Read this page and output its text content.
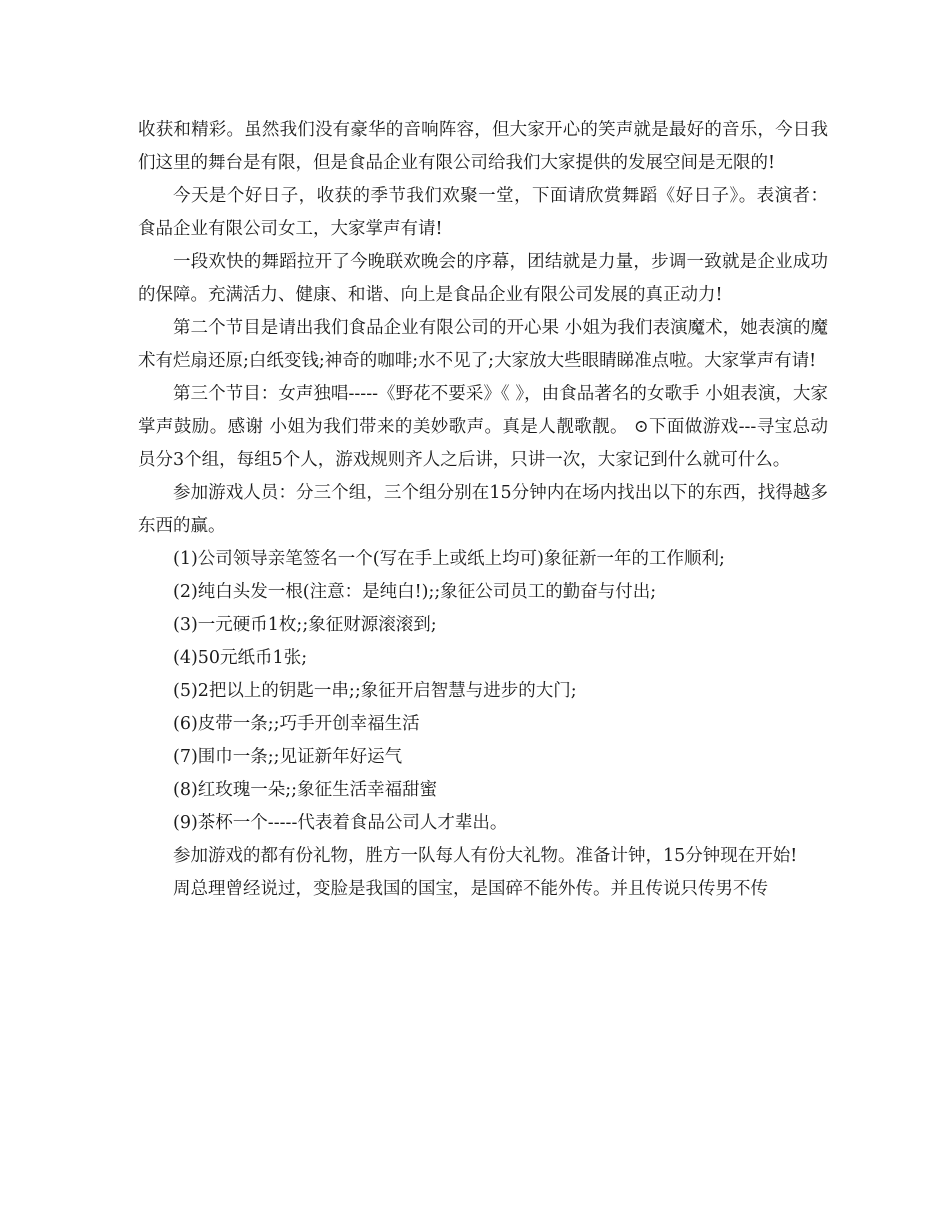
收获和精彩。虽然我们没有豪华的音响阵容，但大家开心的笑声就是最好的音乐，今日我们这里的舞台是有限，但是食品企业有限公司给我们大家提供的发展空间是无限的!

今天是个好日子，收获的季节我们欢聚一堂，下面请欣赏舞蹈《好日子》。表演者：食品企业有限公司女工，大家掌声有请!

一段欢快的舞蹈拉开了今晚联欢晚会的序幕，团结就是力量，步调一致就是企业成功的保障。充满活力、健康、和谐、向上是食品企业有限公司发展的真正动力!

第二个节目是请出我们食品企业有限公司的开心果 小姐为我们表演魔术，她表演的魔术有烂扇还原;白纸变钱;神奇的咖啡;水不见了;大家放大些眼睛睇准点啦。大家掌声有请!

第三个节目：女声独唱-----《野花不要采》《 》，由食品著名的女歌手 小姐表演，大家掌声鼓励。感谢 小姐为我们带来的美妙歌声。真是人靓歌靓。 ⊙下面做游戏---寻宝总动员分3个组，每组5个人，游戏规则齐人之后讲，只讲一次，大家记到什么就可什么。

参加游戏人员：分三个组，三个组分别在15分钟内在场内找出以下的东西，找得越多东西的赢。

(1)公司领导亲笔签名一个(写在手上或纸上均可)象征新一年的工作顺利;

(2)纯白头发一根(注意：是纯白!);;象征公司员工的勤奋与付出;

(3)一元硬币1枚;;象征财源滚滚到;

(4)50元纸币1张;

(5)2把以上的钥匙一串;;象征开启智慧与进步的大门;

(6)皮带一条;;巧手开创幸福生活

(7)围巾一条;;见证新年好运气

(8)红玫瑰一朵;;象征生活幸福甜蜜

(9)茶杯一个-----代表着食品公司人才辈出。

参加游戏的都有份礼物，胜方一队每人有份大礼物。准备计钟，15分钟现在开始!

周总理曾经说过，变脸是我国的国宝，是国碎不能外传。并且传说只传男不传
